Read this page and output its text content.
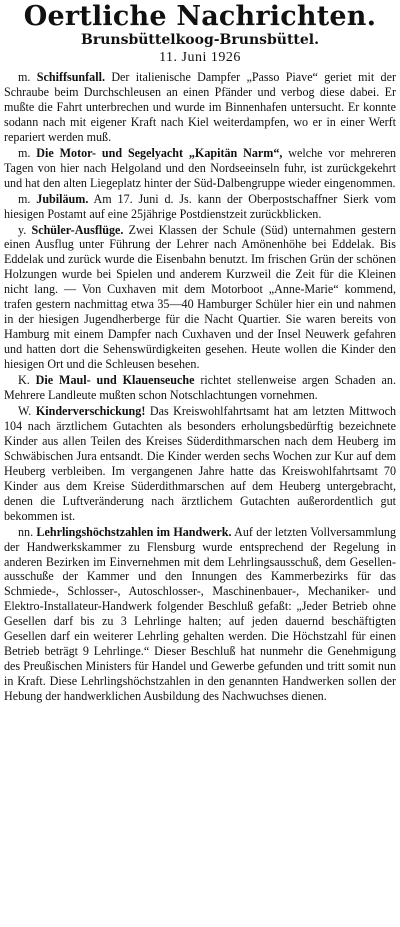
Oertliche Nachrichten.
Brunsbüttelkoog-Brunsbüttel.
11. Juni 1926

m. Schiffsunfall. Der italienische Dampfer „Passo Piave“ geriet mit der Schraube beim Durchschleusen an einen Pfänder und verbog diese dabei. Er mußte die Fahrt unterbrechen und wurde im Binnenhafen untersucht. Er konnte sodann nach mit eigener Kraft nach Kiel weiterdampfen, wo er in einer Werft repariert werden muß.

m. Die Motor- und Segelyacht „Kapitän Narm“, welche vor mehreren Tagen von hier nach Helgoland und den Nordseeinseln fuhr, ist zurückgekehrt und hat den alten Liegeplatz hinter der Süd-Dalbengruppe wieder eingenommen.

m. Jubiläum. Am 17. Juni d. Js. kann der Oberpostschaffner Sierk vom hiesigen Postamt auf eine 25jährige Postdienstzeit zurückblicken.

y. Schüler-Ausflüge. Zwei Klassen der Schule (Süd) unternahmen gestern einen Ausflug unter Führung der Lehrer nach Amönenhöhe bei Eddelak. Bis Eddelak und zurück wurde die Eisenbahn benutzt. Im frischen Grün der schönen Holzungen wurde bei Spielen und anderem Kurzweil die Zeit für die Kleinen nicht lang. — Von Cuxhaven mit dem Motorboot „Anne-Marie“ kommend, trafen gestern nachmittag etwa 35—40 Hamburger Schüler hier ein und nahmen in der hiesigen Jugendherberge für die Nacht Quartier. Sie waren bereits von Hamburg mit einem Dampfer nach Cuxhaven und der Insel Neuwerk gefahren und hatten dort die Sehenswürdigkeiten gesehen. Heute wollen die Kinder den hiesigen Ort und die Schleusen besehen.

K. Die Maul- und Klauenseuche richtet stellenweise argen Schaden an. Mehrere Landleute mußten schon Notschlachtungen vornehmen.

W. Kinderverschickung! Das Kreiswohlfahrtsamt hat am letzten Mittwoch 104 nach ärztlichem Gutachten als besonders erholungsbedürftig bezeichnete Kinder aus allen Teilen des Kreises Süderdithmarschen nach dem Heuberg im Schwäbischen Jura entsandt. Die Kinder werden sechs Wochen zur Kur auf dem Heuberg verbleiben. Im vergangenen Jahre hatte das Kreiswohlfahrtsamt 70 Kinder aus dem Kreise Süderdithmarschen auf dem Heuberg untergebracht, denen die Luftveränderung nach ärztlichem Gutachten außerordentlich gut bekommen ist.

nn. Lehrlingshöchstzahlen im Handwerk. Auf der letzten Vollversammlung der Handwerkskammer zu Flensburg wurde entsprechend der Regelung in anderen Bezirken im Einvernehmen mit dem Lehrlingsausschuß, dem Gesellenausschuße der Kammer und den Innungen des Kammerbezirks für das Schmiede-, Schlosser-, Autoschlosser-, Maschinenbauer-, Mechaniker- und Elektro-Installateur-Handwerk folgender Beschluß gefaßt: „Jeder Betrieb ohne Gesellen darf bis zu 3 Lehrlinge halten; auf jeden dauernd beschäftigten Gesellen darf ein weiterer Lehrling gehalten werden. Die Höchstzahl für einen Betrieb beträgt 9 Lehrlinge.“ Dieser Beschluß hat nunmehr die Genehmigung des Preußischen Ministers für Handel und Gewerbe gefunden und tritt somit nun in Kraft. Diese Lehrlingshöchstzahlen in den genannten Handwerken sollen der Hebung der handwerklichen Ausbildung des Nachwuchses dienen.
